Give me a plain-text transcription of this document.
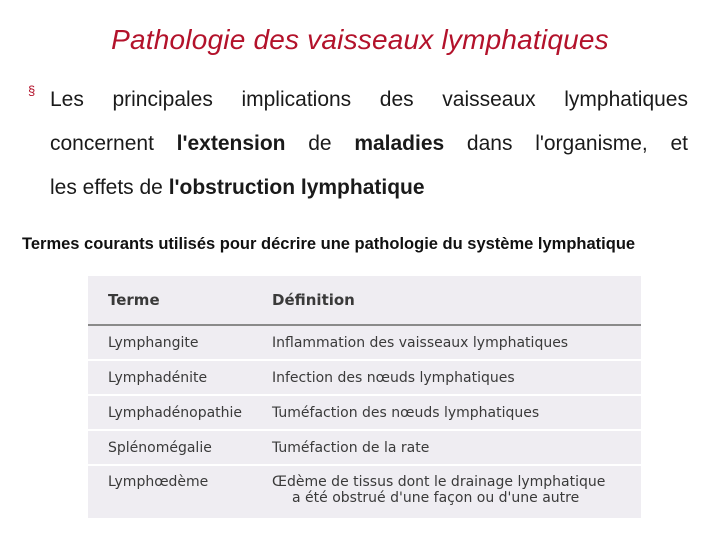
Pathologie des vaisseaux lymphatiques
§ Les principales implications des vaisseaux lymphatiques
concernent l'extension de maladies dans l'organisme, et
les effets de l'obstruction lymphatique
Termes courants utilisés pour décrire une pathologie du système lymphatique
Terme	Définition
Lymphangite	Inflammation des vaisseaux lymphatiques
Lymphadénite	Infection des nœuds lymphatiques
Lymphadénopathie	Tuméfaction des nœuds lymphatiques
Splénomégalie	Tuméfaction de la rate
Lymphœdème	Œdème de tissus dont le drainage lymphatique
a été obstrué d'une façon ou d'une autre
